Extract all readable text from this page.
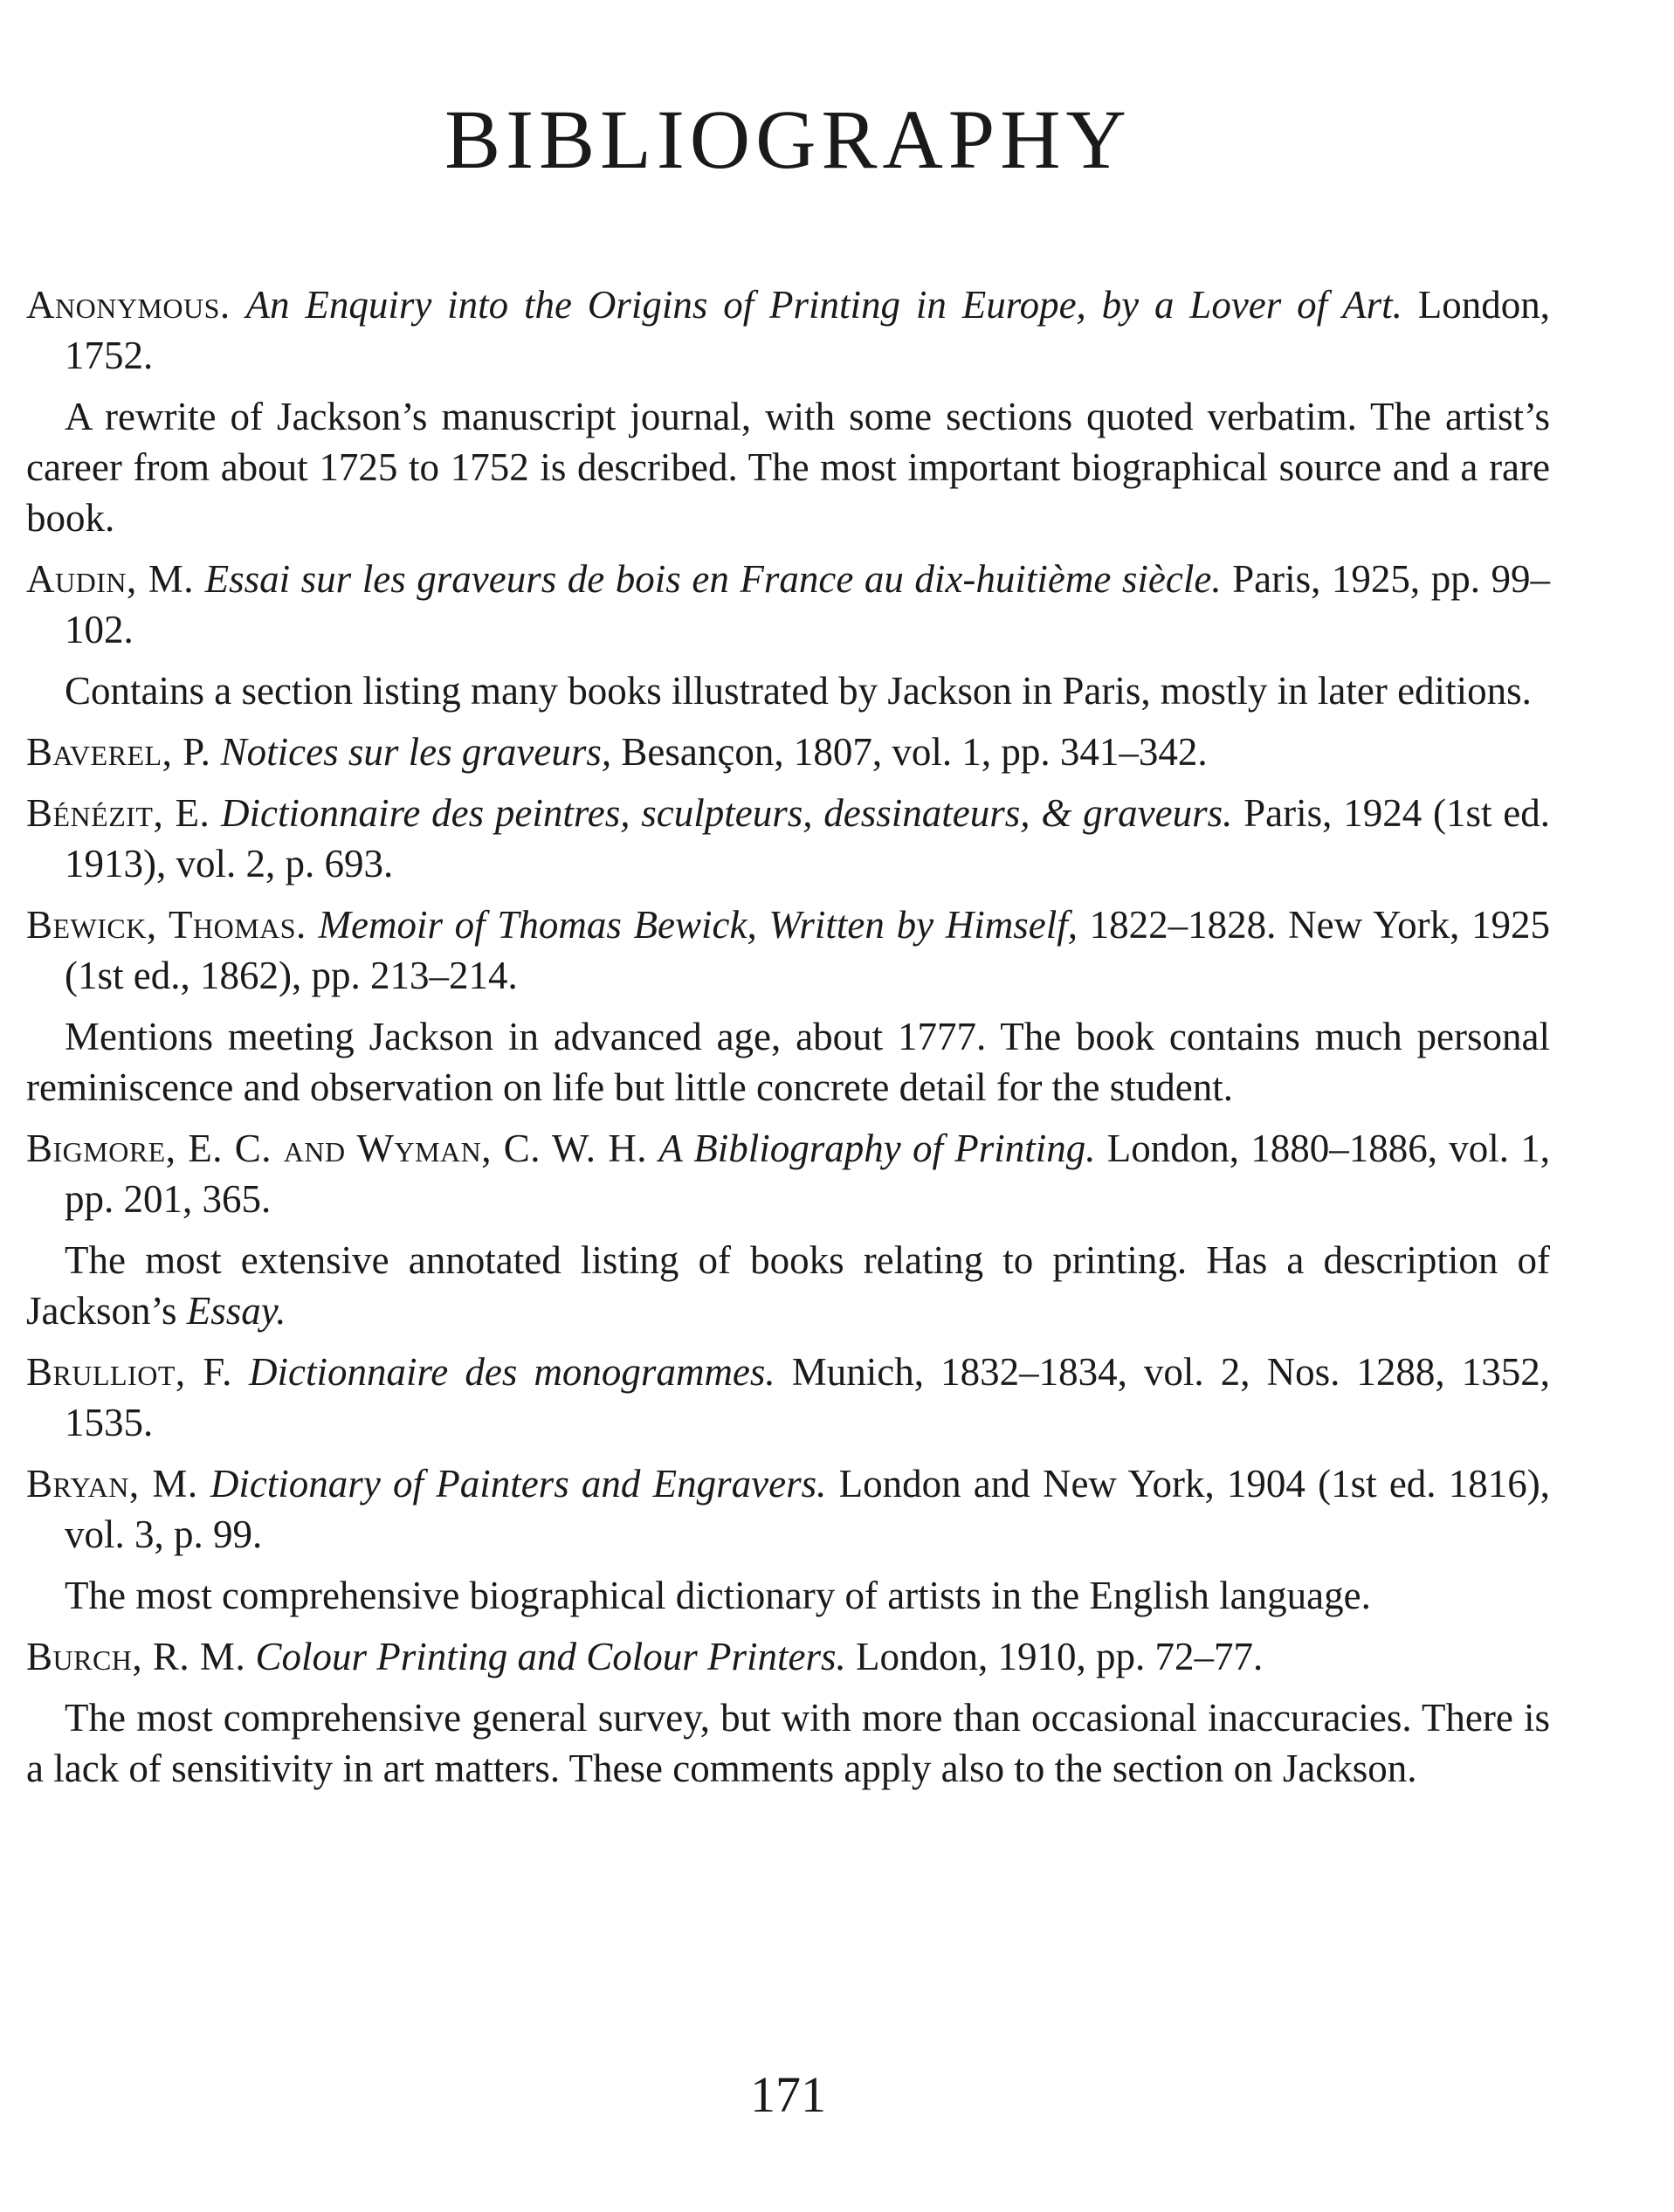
BIBLIOGRAPHY

Anonymous. An Enquiry into the Origins of Printing in Europe, by a Lover of Art. London, 1752.

A rewrite of Jackson’s manuscript journal, with some sections quoted verbatim. The artist’s career from about 1725 to 1752 is described. The most important biographical source and a rare book.

Audin, M. Essai sur les graveurs de bois en France au dix-huitième siècle. Paris, 1925, pp. 99–102.

Contains a section listing many books illustrated by Jackson in Paris, mostly in later editions.

Baverel, P. Notices sur les graveurs, Besançon, 1807, vol. 1, pp. 341–342.

Bénézit, E. Dictionnaire des peintres, sculpteurs, dessinateurs, & graveurs. Paris, 1924 (1st ed. 1913), vol. 2, p. 693.

Bewick, Thomas. Memoir of Thomas Bewick, Written by Himself, 1822–1828. New York, 1925 (1st ed., 1862), pp. 213–214.

Mentions meeting Jackson in advanced age, about 1777. The book contains much personal reminiscence and observation on life but little concrete detail for the student.

Bigmore, E. C. and Wyman, C. W. H. A Bibliography of Printing. London, 1880–1886, vol. 1, pp. 201, 365.

The most extensive annotated listing of books relating to printing. Has a description of Jackson’s Essay.

Brulliot, F. Dictionnaire des monogrammes. Munich, 1832–1834, vol. 2, Nos. 1288, 1352, 1535.

Bryan, M. Dictionary of Painters and Engravers. London and New York, 1904 (1st ed. 1816), vol. 3, p. 99.

The most comprehensive biographical dictionary of artists in the English language.

Burch, R. M. Colour Printing and Colour Printers. London, 1910, pp. 72–77.

The most comprehensive general survey, but with more than occasional inaccuracies. There is a lack of sensitivity in art matters. These comments apply also to the section on Jackson.

171
